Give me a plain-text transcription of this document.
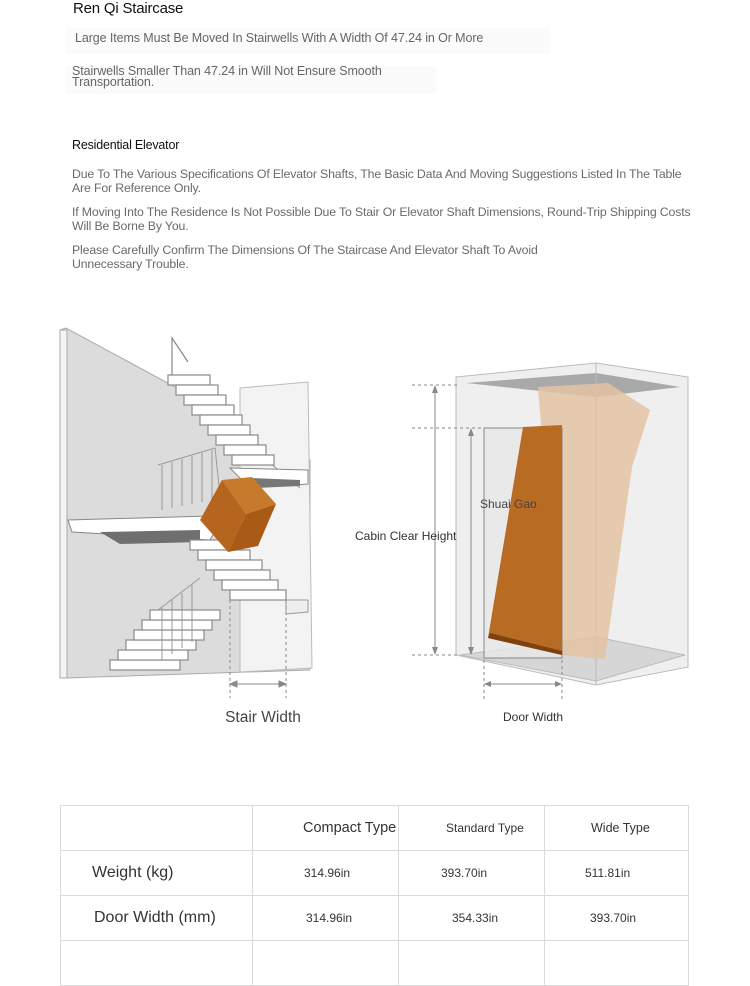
Ren Qi Staircase
Large Items Must Be Moved In Stairwells With A Width Of 47.24 in Or More
Stairwells Smaller Than 47.24 in Will Not Ensure Smooth Transportation.
Residential Elevator
Due To The Various Specifications Of Elevator Shafts, The Basic Data And Moving Suggestions Listed In The Table Are For Reference Only.
If Moving Into The Residence Is Not Possible Due To Stair Or Elevator Shaft Dimensions, Round-Trip Shipping Costs Will Be Borne By You.
Please Carefully Confirm The Dimensions Of The Staircase And Elevator Shaft To Avoid Unnecessary Trouble.
Stair Width
Cabin Clear Height
Shuai Gao
Door Width
	Compact Type	Standard Type	Wide Type
Weight (kg)	314.96in	393.70in	511.81in
Door Width (mm)	314.96in	354.33in	393.70in
